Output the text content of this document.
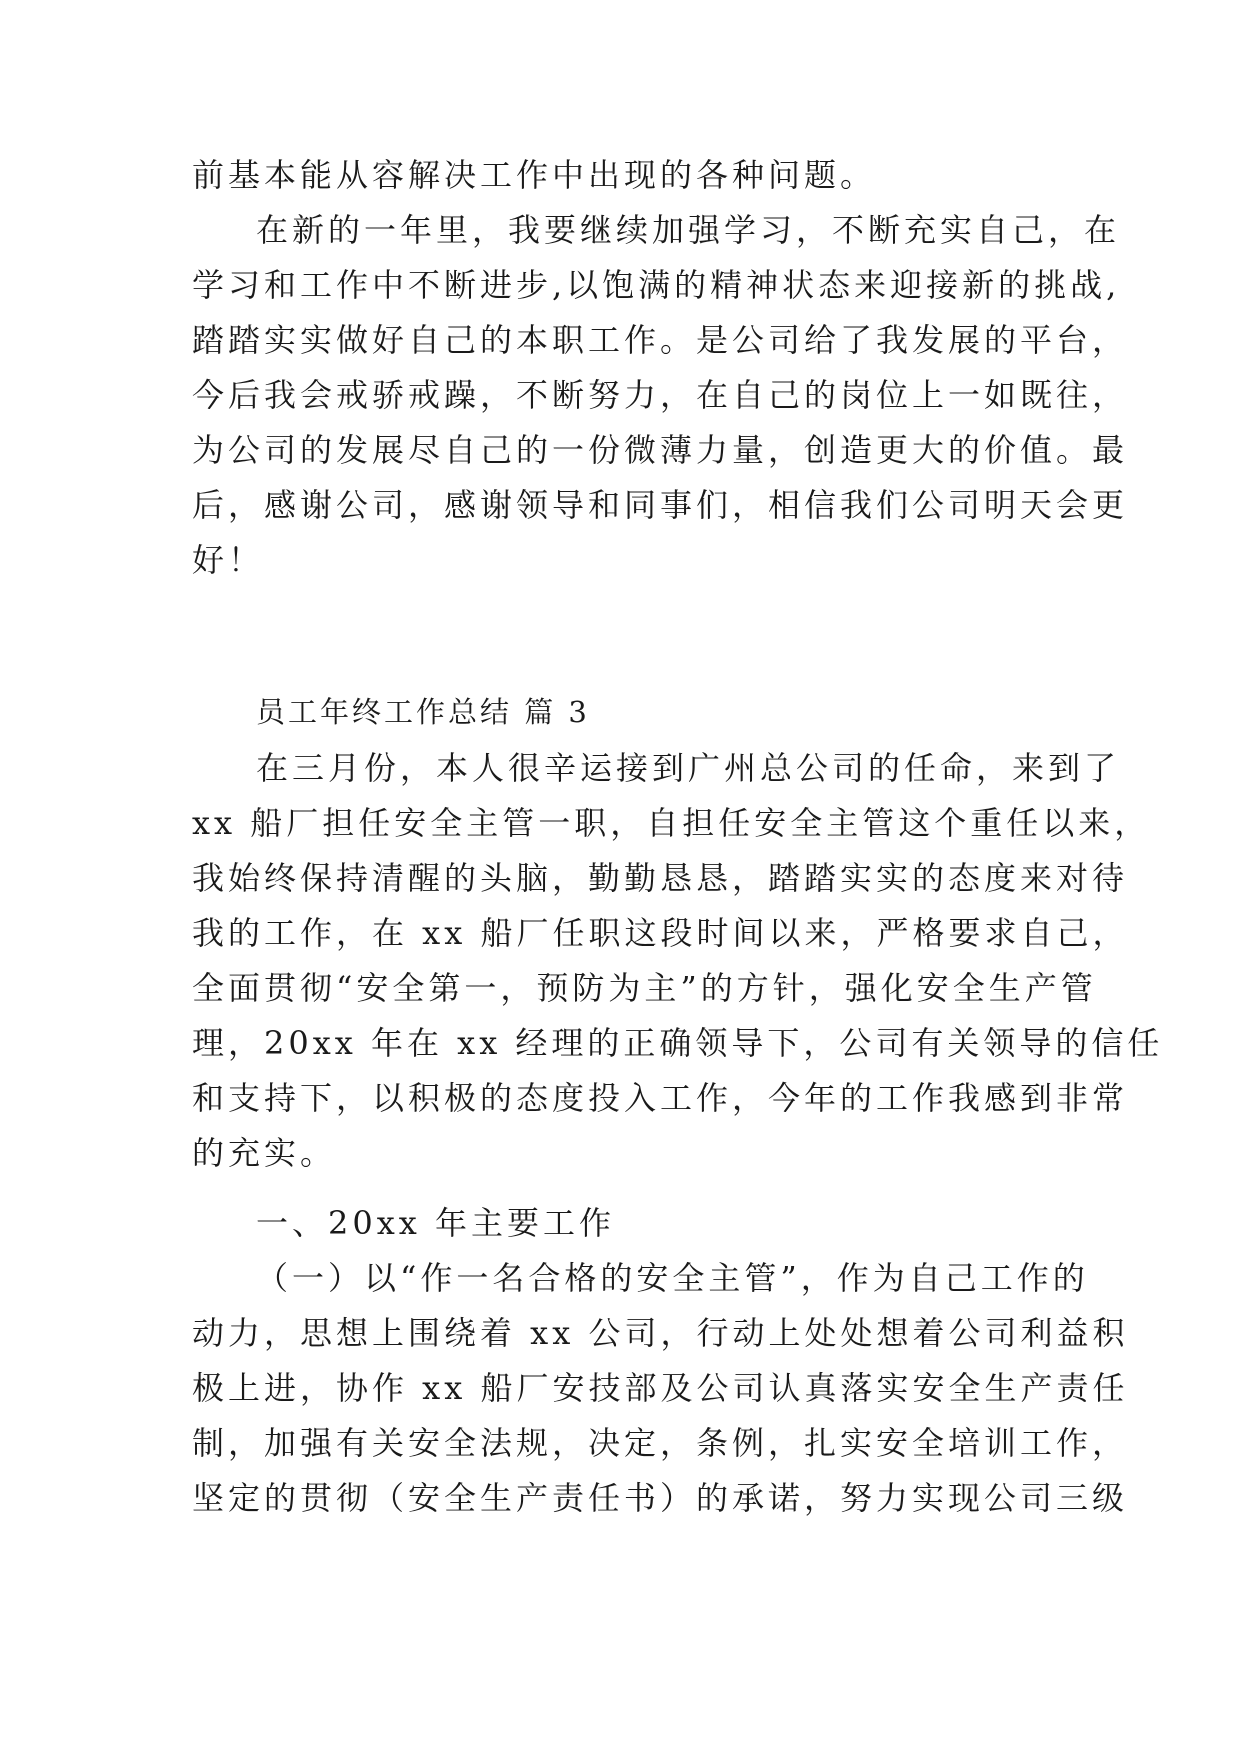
前基本能从容解决工作中出现的各种问题。
在新的一年里，我要继续加强学习，不断充实自己，在
学习和工作中不断进步,以饱满的精神状态来迎接新的挑战,
踏踏实实做好自己的本职工作。是公司给了我发展的平台，
今后我会戒骄戒躁，不断努力，在自己的岗位上一如既往，
为公司的发展尽自己的一份微薄力量，创造更大的价值。最
后，感谢公司，感谢领导和同事们，相信我们公司明天会更
好！
员工年终工作总结 篇 3
在三月份，本人很辛运接到广州总公司的任命，来到了
xx 船厂担任安全主管一职，自担任安全主管这个重任以来，
我始终保持清醒的头脑，勤勤恳恳，踏踏实实的态度来对待
我的工作，在 xx 船厂任职这段时间以来，严格要求自己，
全面贯彻“安全第一，预防为主”的方针，强化安全生产管
理，20xx 年在 xx 经理的正确领导下，公司有关领导的信任
和支持下，以积极的态度投入工作，今年的工作我感到非常
的充实。
一、20xx 年主要工作
（一）以“作一名合格的安全主管”，作为自己工作的
动力，思想上围绕着 xx 公司，行动上处处想着公司利益积
极上进，协作 xx 船厂安技部及公司认真落实安全生产责任
制，加强有关安全法规，决定，条例，扎实安全培训工作，
坚定的贯彻（安全生产责任书）的承诺，努力实现公司三级
